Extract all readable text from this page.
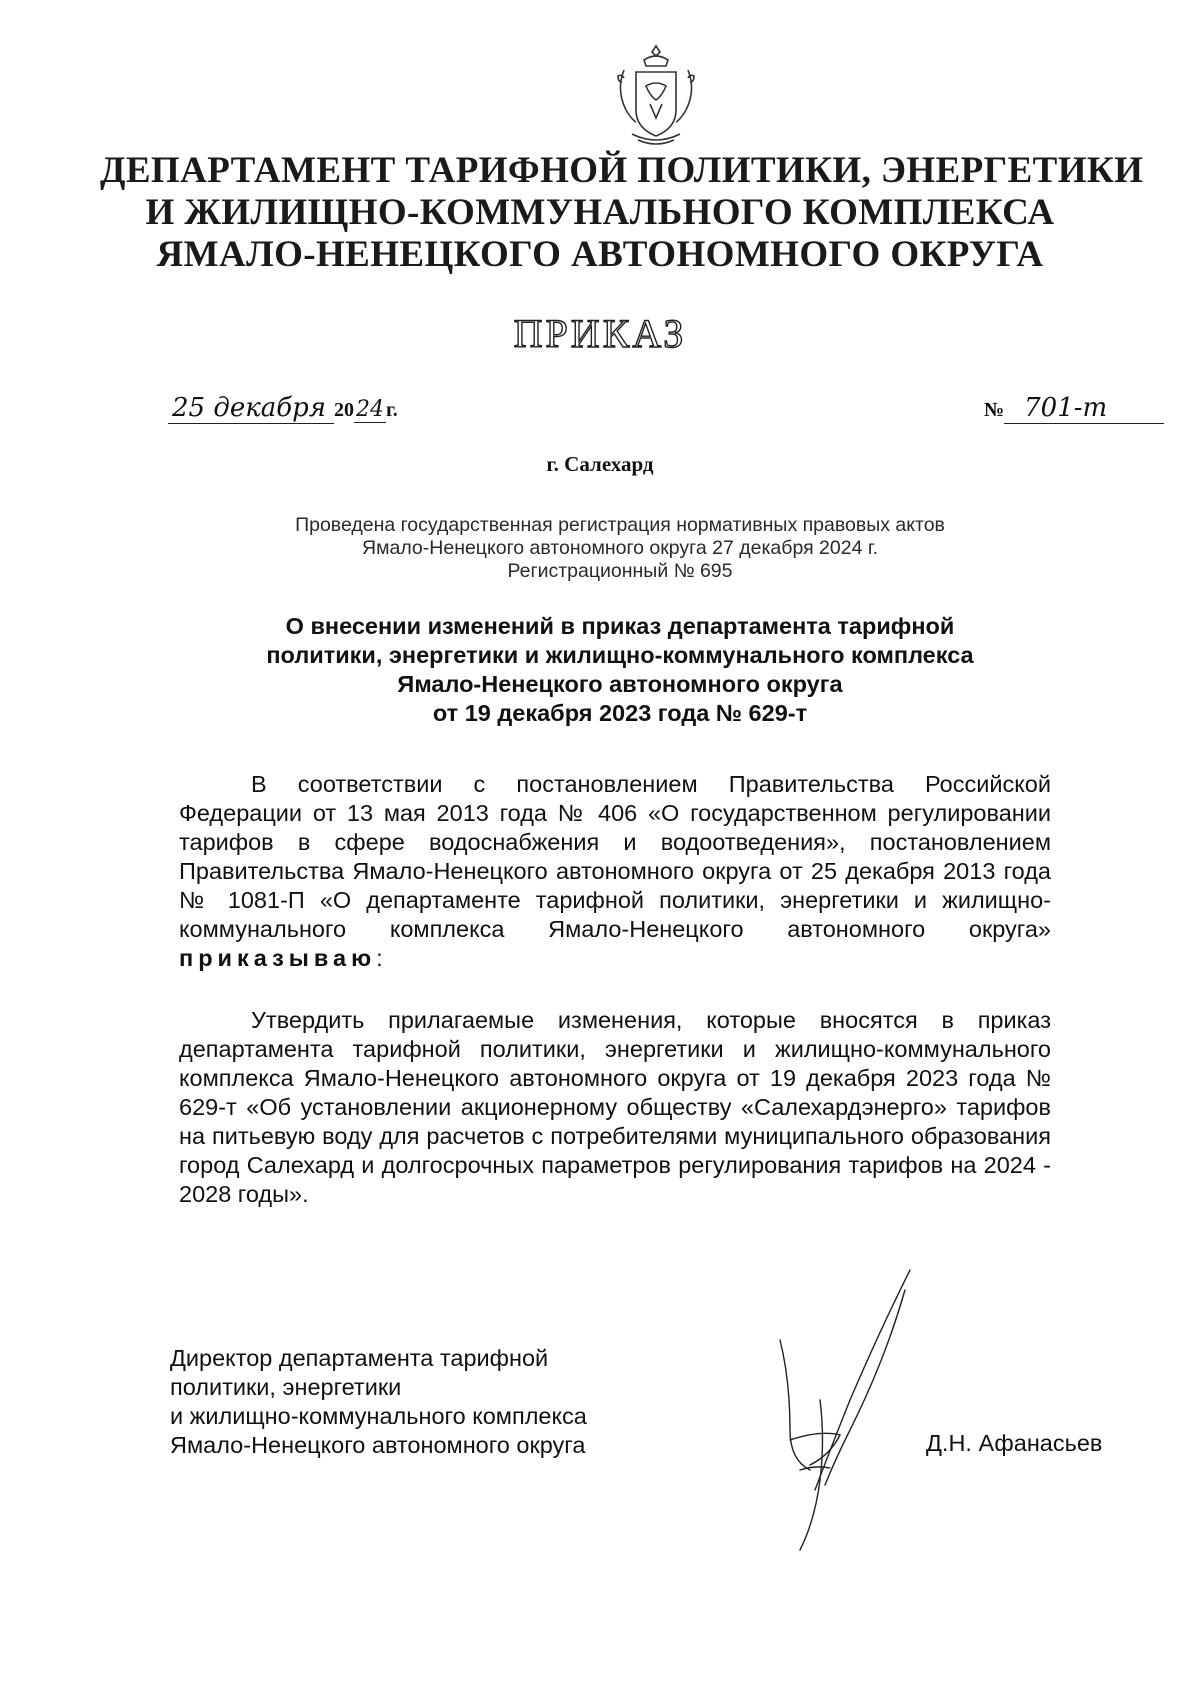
ДЕПАРТАМЕНТ ТАРИФНОЙ ПОЛИТИКИ, ЭНЕРГЕТИКИ
И ЖИЛИЩНО-КОММУНАЛЬНОГО КОМПЛЕКСА
ЯМАЛО-НЕНЕЦКОГО АВТОНОМНОГО ОКРУГА
ПРИКАЗ
25 декабря 2024 г.	№ 701-т
г. Салехард
Проведена государственная регистрация нормативных правовых актов
Ямало-Ненецкого автономного округа 27 декабря 2024 г.
Регистрационный № 695
О внесении изменений в приказ департамента тарифной
политики, энергетики и жилищно-коммунального комплекса
Ямало-Ненецкого автономного округа
от 19 декабря 2023 года № 629-т

В соответствии с постановлением Правительства Российской Федерации от 13 мая 2013 года № 406 «О государственном регулировании тарифов в сфере водоснабжения и водоотведения», постановлением Правительства Ямало-Ненецкого автономного округа от 25 декабря 2013 года № 1081-П «О департаменте тарифной политики, энергетики и жилищно-коммунального комплекса Ямало-Ненецкого автономного округа» приказываю:

Утвердить прилагаемые изменения, которые вносятся в приказ департамента тарифной политики, энергетики и жилищно-коммунального комплекса Ямало-Ненецкого автономного округа от 19 декабря 2023 года № 629-т «Об установлении акционерному обществу «Салехардэнерго» тарифов на питьевую воду для расчетов с потребителями муниципального образования город Салехард и долгосрочных параметров регулирования тарифов на 2024 - 2028 годы».

Директор департамента тарифной
политики, энергетики
и жилищно-коммунального комплекса
Ямало-Ненецкого автономного округа	Д.Н. Афанасьев
